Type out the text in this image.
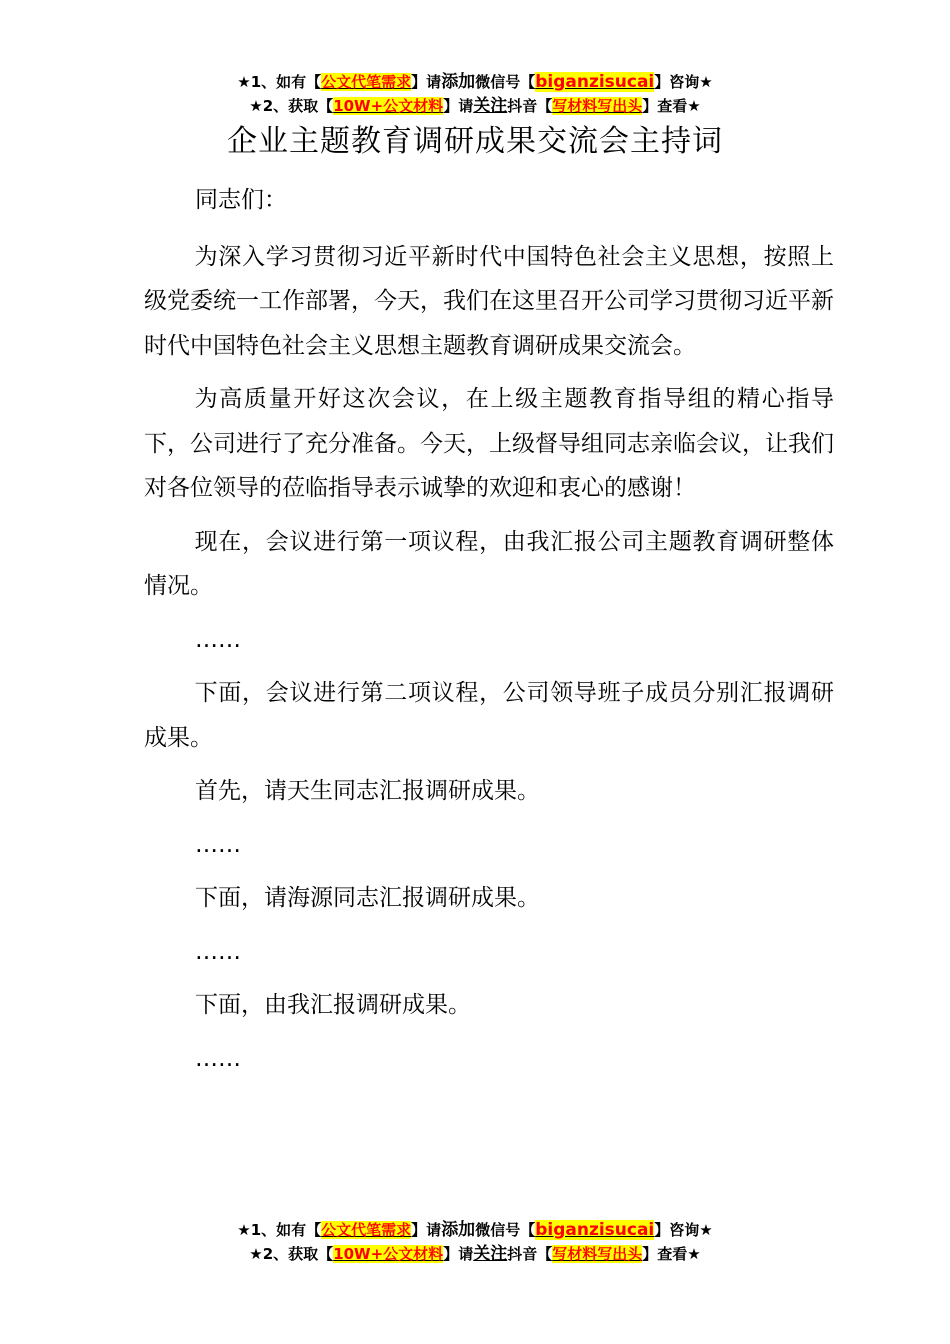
★1、如有【公文代笔需求】请添加微信号【biganzisucai】咨询★
★2、获取【10W+公文材料】请关注抖音【写材料写出头】查看★
企业主题教育调研成果交流会主持词
同志们：

为深入学习贯彻习近平新时代中国特色社会主义思想，按照上级党委统一工作部署，今天，我们在这里召开公司学习贯彻习近平新时代中国特色社会主义思想主题教育调研成果交流会。

为高质量开好这次会议，在上级主题教育指导组的精心指导下，公司进行了充分准备。今天，上级督导组同志亲临会议，让我们对各位领导的莅临指导表示诚挚的欢迎和衷心的感谢！

现在，会议进行第一项议程，由我汇报公司主题教育调研整体情况。

……

下面，会议进行第二项议程，公司领导班子成员分别汇报调研成果。

首先，请天生同志汇报调研成果。

……

下面，请海源同志汇报调研成果。

……

下面，由我汇报调研成果。

……

★1、如有【公文代笔需求】请添加微信号【biganzisucai】咨询★
★2、获取【10W+公文材料】请关注抖音【写材料写出头】查看★
